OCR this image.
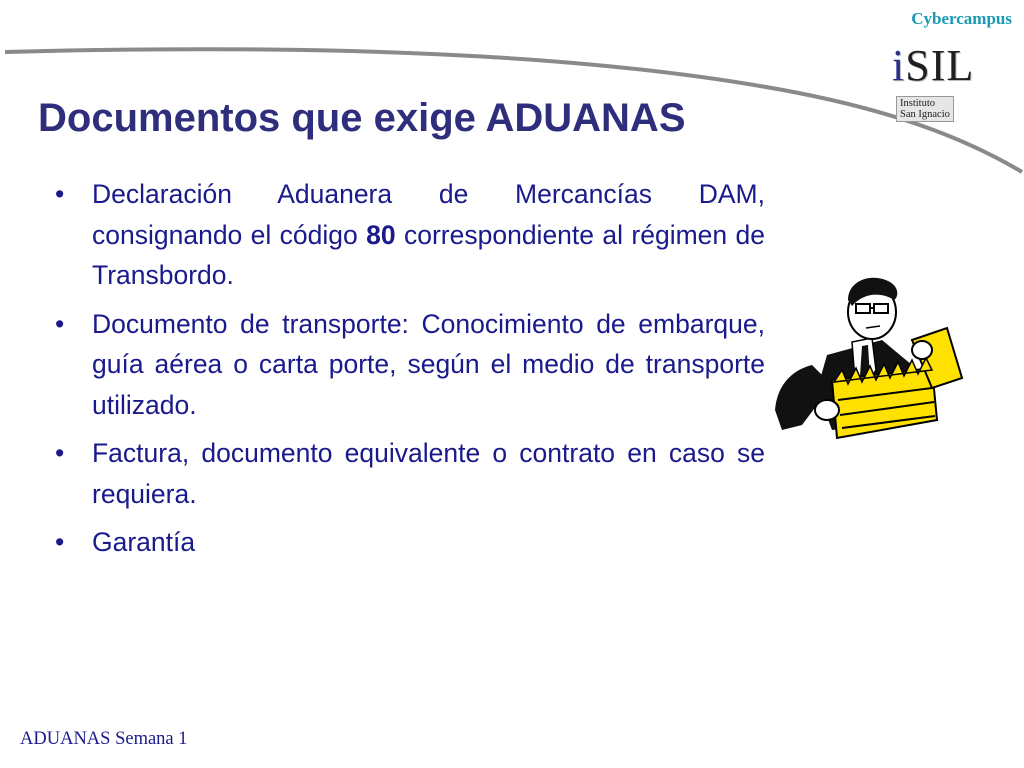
Cybercampus
iSIL
Instituto
San Ignacio
Documentos que exige ADUANAS
• Declaración Aduanera de Mercancías DAM, consignando el código 80 correspondiente al régimen de Transbordo.
• Documento de transporte: Conocimiento de embarque, guía aérea o carta porte, según el medio de transporte utilizado.
• Factura, documento equivalente o contrato en caso se requiera.
• Garantía
ADUANAS Semana 1
